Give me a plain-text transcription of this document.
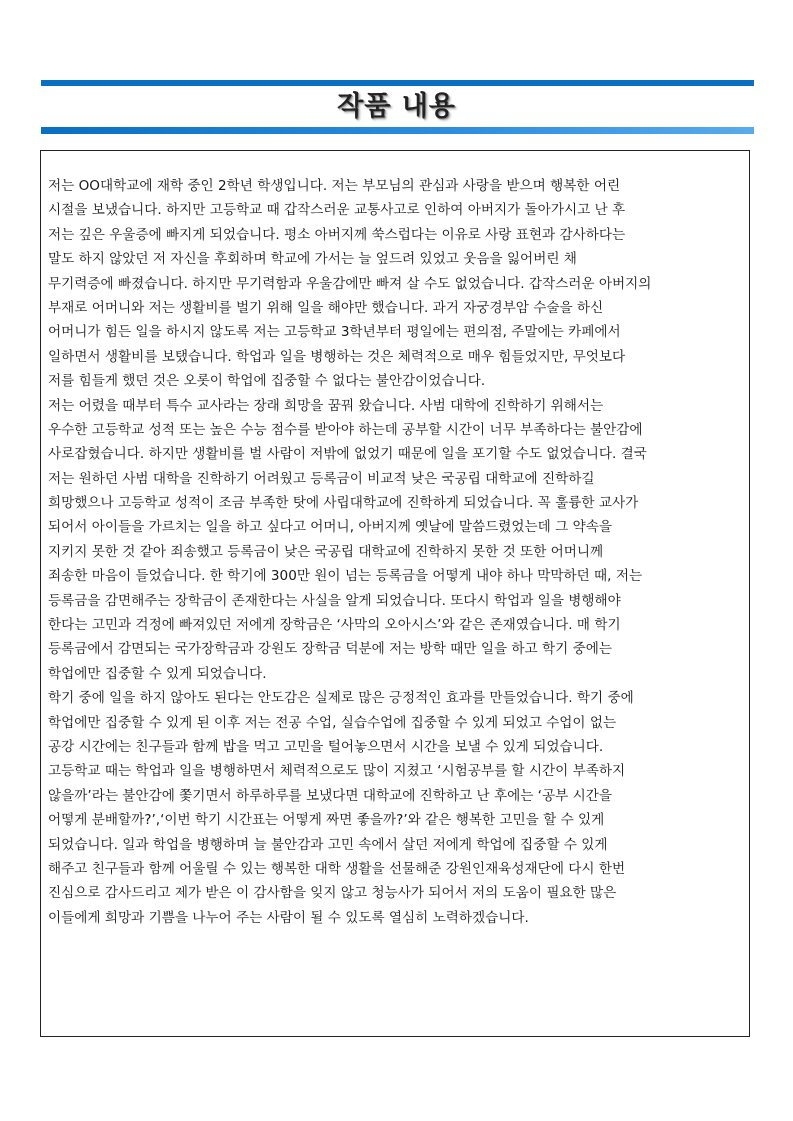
작품 내용
저는 OO대학교에 재학 중인 2학년 학생입니다. 저는 부모님의 관심과 사랑을 받으며 행복한 어린
시절을 보냈습니다. 하지만 고등학교 때 갑작스러운 교통사고로 인하여 아버지가 돌아가시고 난 후
저는 깊은 우울증에 빠지게 되었습니다. 평소 아버지께 쑥스럽다는 이유로 사랑 표현과 감사하다는
말도 하지 않았던 저 자신을 후회하며 학교에 가서는 늘 엎드려 있었고 웃음을 잃어버린 채
무기력증에 빠졌습니다. 하지만 무기력함과 우울감에만 빠져 살 수도 없었습니다. 갑작스러운 아버지의
부재로 어머니와 저는 생활비를 벌기 위해 일을 해야만 했습니다. 과거 자궁경부암 수술을 하신
어머니가 힘든 일을 하시지 않도록 저는 고등학교 3학년부터 평일에는 편의점, 주말에는 카페에서
일하면서 생활비를 보탰습니다. 학업과 일을 병행하는 것은 체력적으로 매우 힘들었지만, 무엇보다
저를 힘들게 했던 것은 오롯이 학업에 집중할 수 없다는 불안감이었습니다.
저는 어렸을 때부터 특수 교사라는 장래 희망을 꿈꿔 왔습니다. 사범 대학에 진학하기 위해서는
우수한 고등학교 성적 또는 높은 수능 점수를 받아야 하는데 공부할 시간이 너무 부족하다는 불안감에
사로잡혔습니다. 하지만 생활비를 벌 사람이 저밖에 없었기 때문에 일을 포기할 수도 없었습니다. 결국
저는 원하던 사범 대학을 진학하기 어려웠고 등록금이 비교적 낮은 국공립 대학교에 진학하길
희망했으나 고등학교 성적이 조금 부족한 탓에 사립대학교에 진학하게 되었습니다. 꼭 훌륭한 교사가
되어서 아이들을 가르치는 일을 하고 싶다고 어머니, 아버지께 옛날에 말씀드렸었는데 그 약속을
지키지 못한 것 같아 죄송했고 등록금이 낮은 국공립 대학교에 진학하지 못한 것 또한 어머니께
죄송한 마음이 들었습니다. 한 학기에 300만 원이 넘는 등록금을 어떻게 내야 하나 막막하던 때, 저는
등록금을 감면해주는 장학금이 존재한다는 사실을 알게 되었습니다. 또다시 학업과 일을 병행해야
한다는 고민과 걱정에 빠져있던 저에게 장학금은 ‘사막의 오아시스’와 같은 존재였습니다. 매 학기
등록금에서 감면되는 국가장학금과 강원도 장학금 덕분에 저는 방학 때만 일을 하고 학기 중에는
학업에만 집중할 수 있게 되었습니다.
학기 중에 일을 하지 않아도 된다는 안도감은 실제로 많은 긍정적인 효과를 만들었습니다. 학기 중에
학업에만 집중할 수 있게 된 이후 저는 전공 수업, 실습수업에 집중할 수 있게 되었고 수업이 없는
공강 시간에는 친구들과 함께 밥을 먹고 고민을 털어놓으면서 시간을 보낼 수 있게 되었습니다.
고등학교 때는 학업과 일을 병행하면서 체력적으로도 많이 지쳤고 ‘시험공부를 할 시간이 부족하지
않을까’라는 불안감에 쫓기면서 하루하루를 보냈다면 대학교에 진학하고 난 후에는 ‘공부 시간을
어떻게 분배할까?’,‘이번 학기 시간표는 어떻게 짜면 좋을까?’와 같은 행복한 고민을 할 수 있게
되었습니다. 일과 학업을 병행하며 늘 불안감과 고민 속에서 살던 저에게 학업에 집중할 수 있게
해주고 친구들과 함께 어울릴 수 있는 행복한 대학 생활을 선물해준 강원인재육성재단에 다시 한번
진심으로 감사드리고 제가 받은 이 감사함을 잊지 않고 청능사가 되어서 저의 도움이 필요한 많은
이들에게 희망과 기쁨을 나누어 주는 사람이 될 수 있도록 열심히 노력하겠습니다.
